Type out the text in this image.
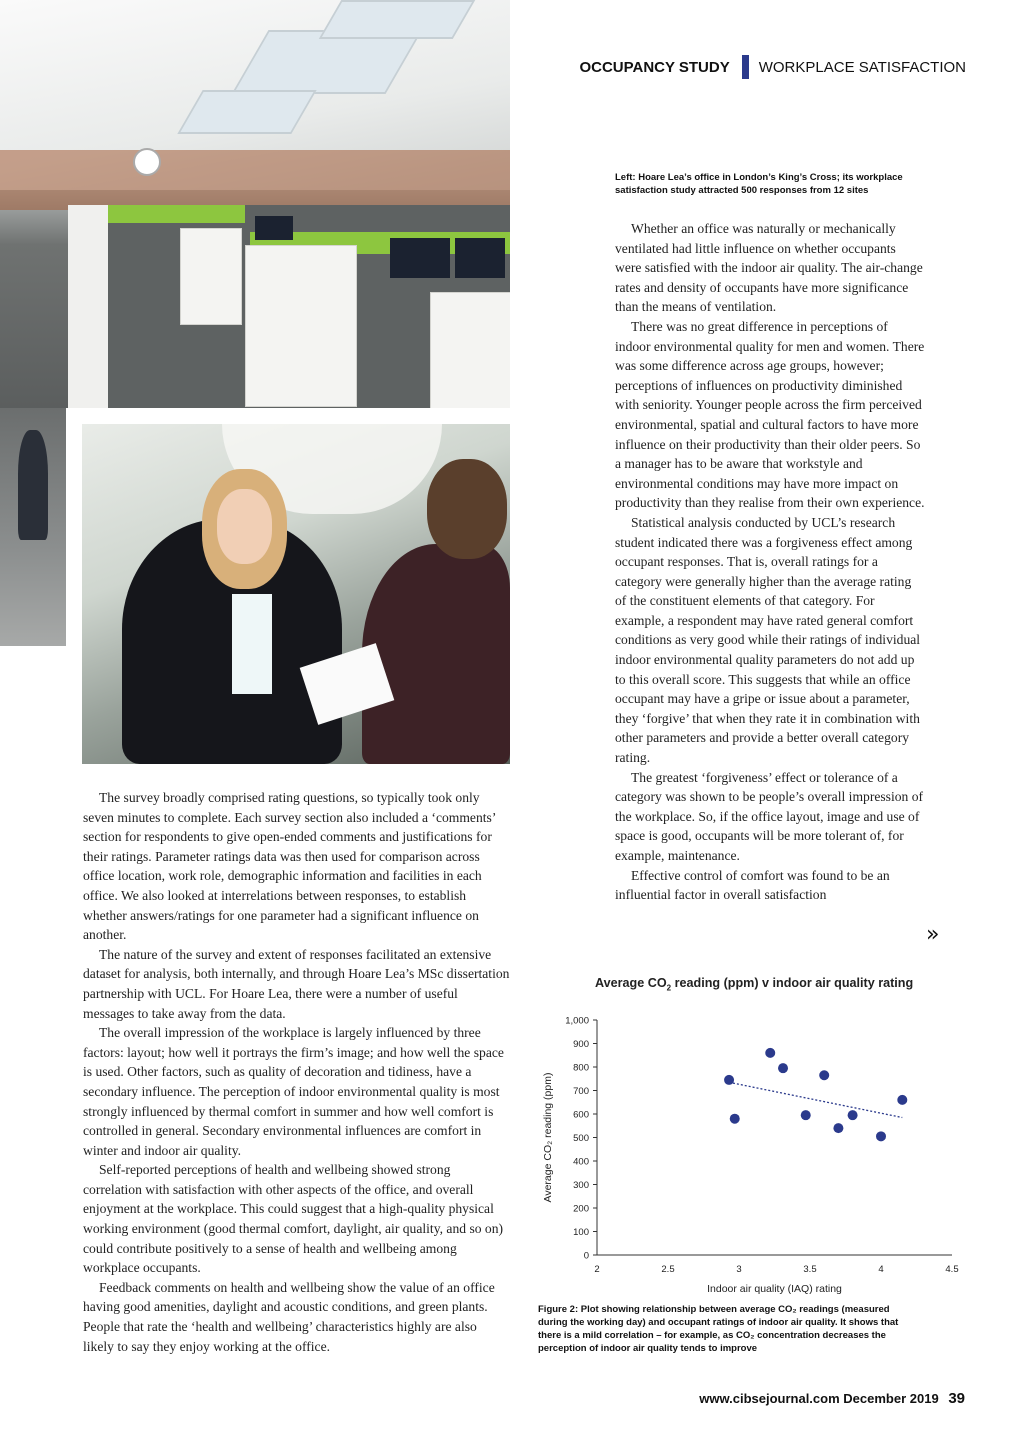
OCCUPANCY STUDY WORKPLACE SATISFACTION
Left: Hoare Lea’s office in London’s King’s Cross; its workplace satisfaction study attracted 500 responses from 12 sites

Whether an office was naturally or mechanically ventilated had little influence on whether occupants were satisfied with the indoor air quality. The air-change rates and density of occupants have more significance than the means of ventilation.

There was no great difference in perceptions of indoor environmental quality for men and women. There was some difference across age groups, however; perceptions of influences on productivity diminished with seniority. Younger people across the firm perceived environmental, spatial and cultural factors to have more influence on their productivity than their older peers. So a manager has to be aware that workstyle and environmental conditions may have more impact on productivity than they realise from their own experience.

Statistical analysis conducted by UCL’s research student indicated there was a forgiveness effect among occupant responses. That is, overall ratings for a category were generally higher than the average rating of the constituent elements of that category. For example, a respondent may have rated general comfort conditions as very good while their ratings of individual indoor environmental quality parameters do not add up to this overall score. This suggests that while an office occupant may have a gripe or issue about a parameter, they ‘forgive’ that when they rate it in combination with other parameters and provide a better overall category rating.

The greatest ‘forgiveness’ effect or tolerance of a category was shown to be people’s overall impression of the workplace. So, if the office layout, image and use of space is good, occupants will be more tolerant of, for example, maintenance.

Effective control of comfort was found to be an influential factor in overall satisfaction

»

The survey broadly comprised rating questions, so typically took only seven minutes to complete. Each survey section also included a ‘comments’ section for respondents to give open-ended comments and justifications for their ratings. Parameter ratings data was then used for comparison across office location, work role, demographic information and facilities in each office. We also looked at interrelations between responses, to establish whether answers/ratings for one parameter had a significant influence on another.

The nature of the survey and extent of responses facilitated an extensive dataset for analysis, both internally, and through Hoare Lea’s MSc dissertation partnership with UCL. For Hoare Lea, there were a number of useful messages to take away from the data.

The overall impression of the workplace is largely influenced by three factors: layout; how well it portrays the firm’s image; and how well the space is used. Other factors, such as quality of decoration and tidiness, have a secondary influence. The perception of indoor environmental quality is most strongly influenced by thermal comfort in summer and how well comfort is controlled in general. Secondary environmental influences are comfort in winter and indoor air quality.

Self-reported perceptions of health and wellbeing showed strong correlation with satisfaction with other aspects of the office, and overall enjoyment at the workplace. This could suggest that a high-quality physical working environment (good thermal comfort, daylight, air quality, and so on) could contribute positively to a sense of health and wellbeing among workplace occupants.

Feedback comments on health and wellbeing show the value of an office having good amenities, daylight and acoustic conditions, and green plants. People that rate the ‘health and wellbeing’ characteristics highly are also likely to say they enjoy working at the office.

Average $CO_2$ reading (ppm) v indoor air quality rating
0
100
200
300
400
500
600
700
800
900
1,000
2	2.5	3	3.5	4	4.5
Indoor air quality (IAQ) rating
Average CO₂ reading (ppm)
Figure 2: Plot showing relationship between average CO₂ readings (measured during the working day) and occupant ratings of indoor air quality. It shows that there is a mild correlation – for example, as CO₂ concentration decreases the perception of indoor air quality tends to improve
www.cibsejournal.com December 2019 39
